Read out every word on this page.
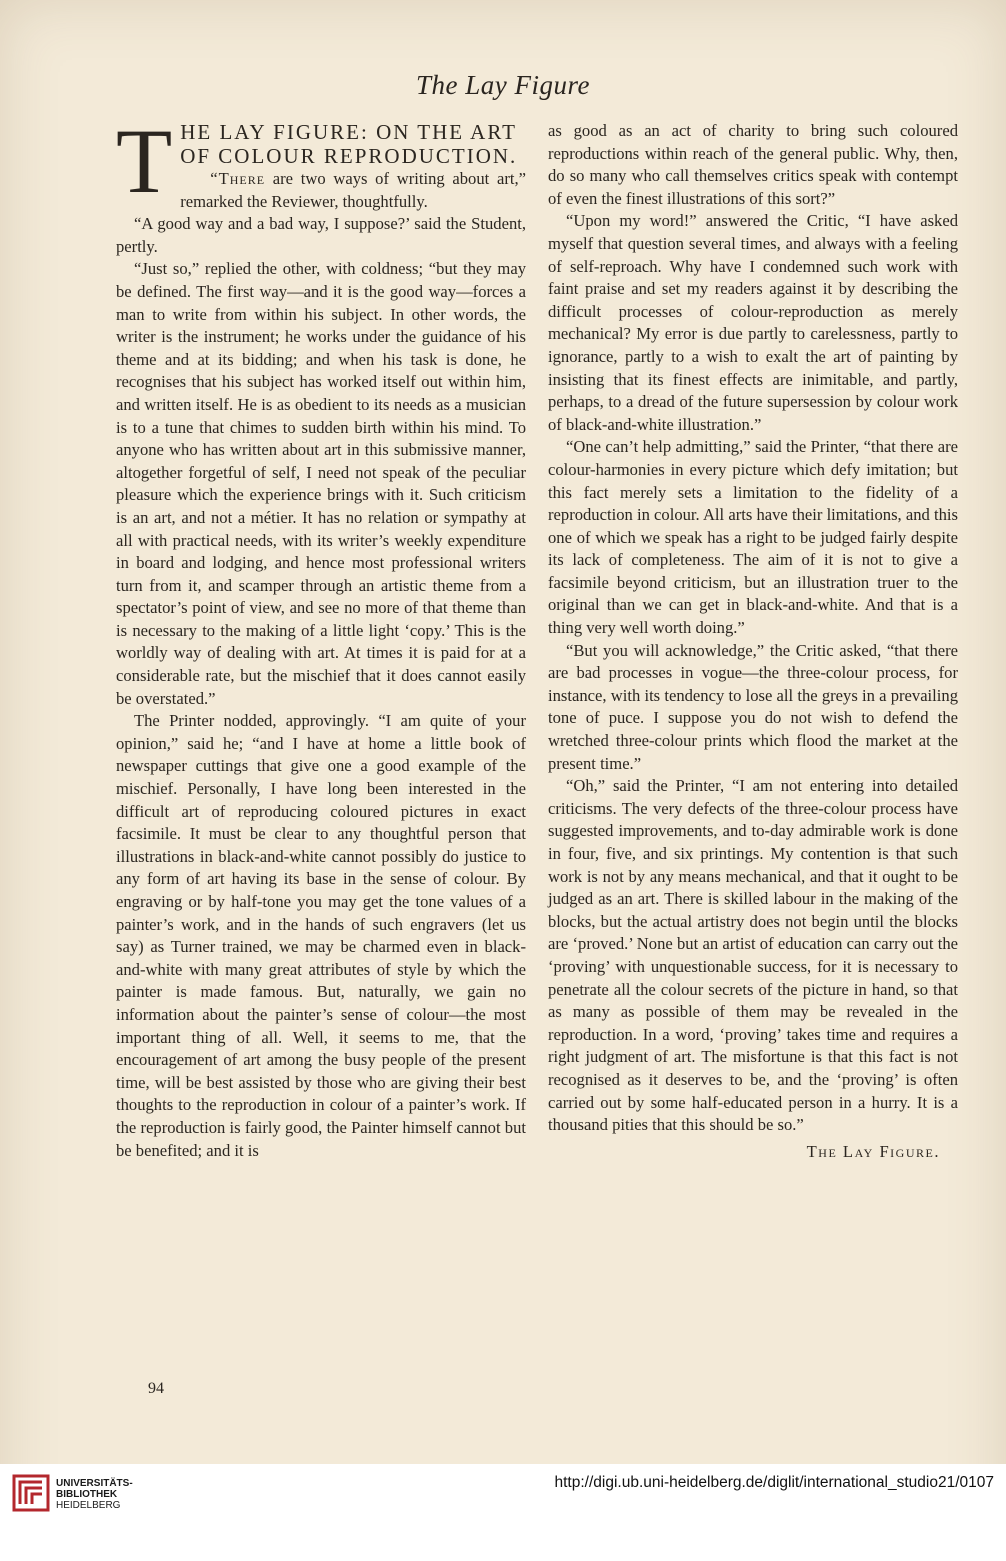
The Lay Figure
T HE LAY FIGURE: ON THE ART
OF COLOUR REPRODUCTION.

“There are two ways of writing about art,” remarked the Reviewer, thoughtfully.

“A good way and a bad way, I suppose?’ said the Student, pertly.

“Just so,” replied the other, with coldness; “but they may be defined. The first way—and it is the good way—forces a man to write from within his subject. In other words, the writer is the instrument; he works under the guidance of his theme and at its bidding; and when his task is done, he recognises that his subject has worked itself out within him, and written itself. He is as obedient to its needs as a musician is to a tune that chimes to sudden birth within his mind. To anyone who has written about art in this submissive manner, altogether forgetful of self, I need not speak of the peculiar pleasure which the experience brings with it. Such criticism is an art, and not a métier. It has no relation or sympathy at all with practical needs, with its writer’s weekly expenditure in board and lodging, and hence most professional writers turn from it, and scamper through an artistic theme from a spectator’s point of view, and see no more of that theme than is necessary to the making of a little light ‘copy.’ This is the worldly way of dealing with art. At times it is paid for at a considerable rate, but the mischief that it does cannot easily be overstated.”

The Printer nodded, approvingly. “I am quite of your opinion,” said he; “and I have at home a little book of newspaper cuttings that give one a good example of the mischief. Personally, I have long been interested in the difficult art of reproducing coloured pictures in exact facsimile. It must be clear to any thoughtful person that illustrations in black-and-white cannot possibly do justice to any form of art having its base in the sense of colour. By engraving or by half-tone you may get the tone values of a painter’s work, and in the hands of such engravers (let us say) as Turner trained, we may be charmed even in black-and-white with many great attributes of style by which the painter is made famous. But, naturally, we gain no information about the painter’s sense of colour—the most important thing of all. Well, it seems to me, that the encouragement of art among the busy people of the present time, will be best assisted by those who are giving their best thoughts to the reproduction in colour of a painter’s work. If the reproduction is fairly good, the Painter himself cannot but be benefited; and it is

as good as an act of charity to bring such coloured reproductions within reach of the general public. Why, then, do so many who call themselves critics speak with contempt of even the finest illustrations of this sort?”

“Upon my word!” answered the Critic, “I have asked myself that question several times, and always with a feeling of self-reproach. Why have I condemned such work with faint praise and set my readers against it by describing the difficult processes of colour-reproduction as merely mechanical? My error is due partly to carelessness, partly to ignorance, partly to a wish to exalt the art of painting by insisting that its finest effects are inimitable, and partly, perhaps, to a dread of the future supersession by colour work of black-and-white illustration.”

“One can’t help admitting,” said the Printer, “that there are colour-harmonies in every picture which defy imitation; but this fact merely sets a limitation to the fidelity of a reproduction in colour. All arts have their limitations, and this one of which we speak has a right to be judged fairly despite its lack of completeness. The aim of it is not to give a facsimile beyond criticism, but an illustration truer to the original than we can get in black-and-white. And that is a thing very well worth doing.”

“But you will acknowledge,” the Critic asked, “that there are bad processes in vogue—the three-colour process, for instance, with its tendency to lose all the greys in a prevailing tone of puce. I suppose you do not wish to defend the wretched three-colour prints which flood the market at the present time.”

“Oh,” said the Printer, “I am not entering into detailed criticisms. The very defects of the three-colour process have suggested improvements, and to-day admirable work is done in four, five, and six printings. My contention is that such work is not by any means mechanical, and that it ought to be judged as an art. There is skilled labour in the making of the blocks, but the actual artistry does not begin until the blocks are ‘proved.’ None but an artist of education can carry out the ‘proving’ with unquestionable success, for it is necessary to penetrate all the colour secrets of the picture in hand, so that as many as possible of them may be revealed in the reproduction. In a word, ‘proving’ takes time and requires a right judgment of art. The misfortune is that this fact is not recognised as it deserves to be, and the ‘proving’ is often carried out by some half-educated person in a hurry. It is a thousand pities that this should be so.”

The Lay Figure.
94
UNIVERSITÄTS-
BIBLIOTHEK
HEIDELBERG
http://digi.ub.uni-heidelberg.de/diglit/international_studio21/0107
